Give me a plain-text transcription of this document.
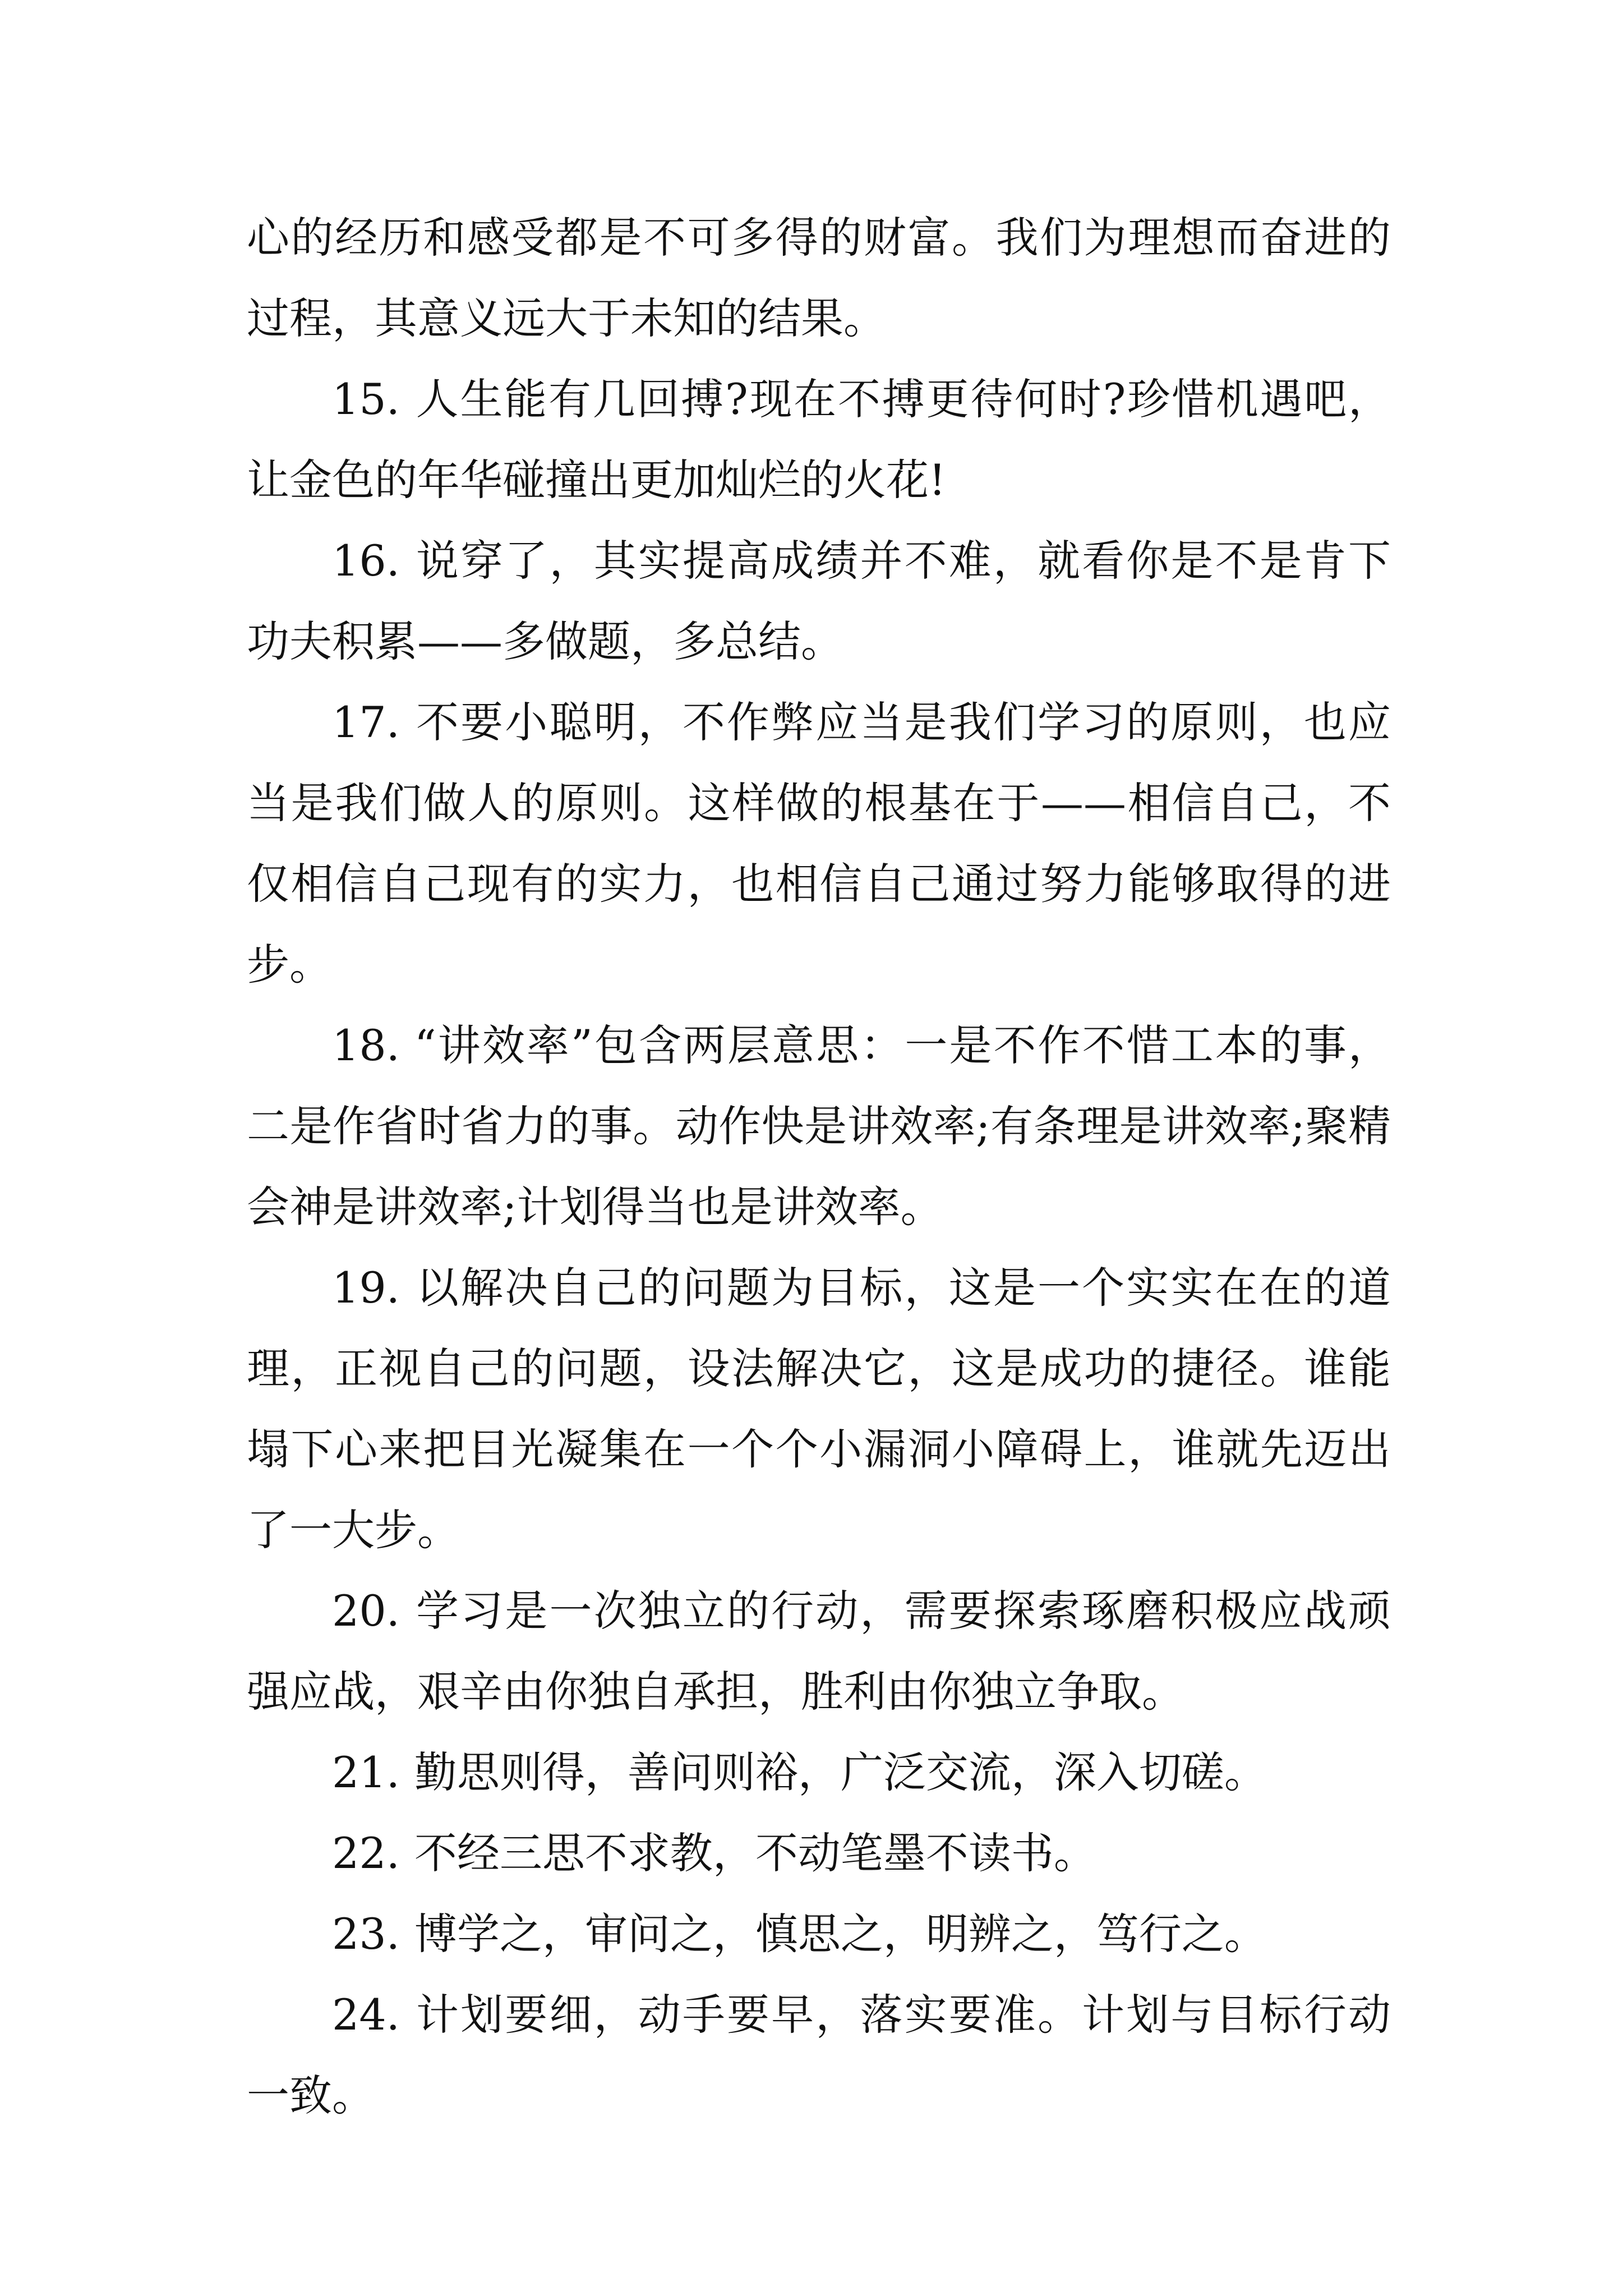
心的经历和感受都是不可多得的财富。我们为理想而奋进的过程，其意义远大于未知的结果。

15. 人生能有几回搏?现在不搏更待何时?珍惜机遇吧，让金色的年华碰撞出更加灿烂的火花!

16. 说穿了，其实提高成绩并不难，就看你是不是肯下功夫积累——多做题，多总结。

17. 不要小聪明，不作弊应当是我们学习的原则，也应当是我们做人的原则。这样做的根基在于——相信自己，不仅相信自己现有的实力，也相信自己通过努力能够取得的进步。

18. “讲效率”包含两层意思：一是不作不惜工本的事，二是作省时省力的事。动作快是讲效率;有条理是讲效率;聚精会神是讲效率;计划得当也是讲效率。

19. 以解决自己的问题为目标，这是一个实实在在的道理，正视自己的问题，设法解决它，这是成功的捷径。谁能塌下心来把目光凝集在一个个小漏洞小障碍上，谁就先迈出了一大步。

20. 学习是一次独立的行动，需要探索琢磨积极应战顽强应战，艰辛由你独自承担，胜利由你独立争取。

21. 勤思则得，善问则裕，广泛交流，深入切磋。

22. 不经三思不求教，不动笔墨不读书。

23. 博学之，审问之，慎思之，明辨之，笃行之。

24. 计划要细，动手要早，落实要准。计划与目标行动一致。
